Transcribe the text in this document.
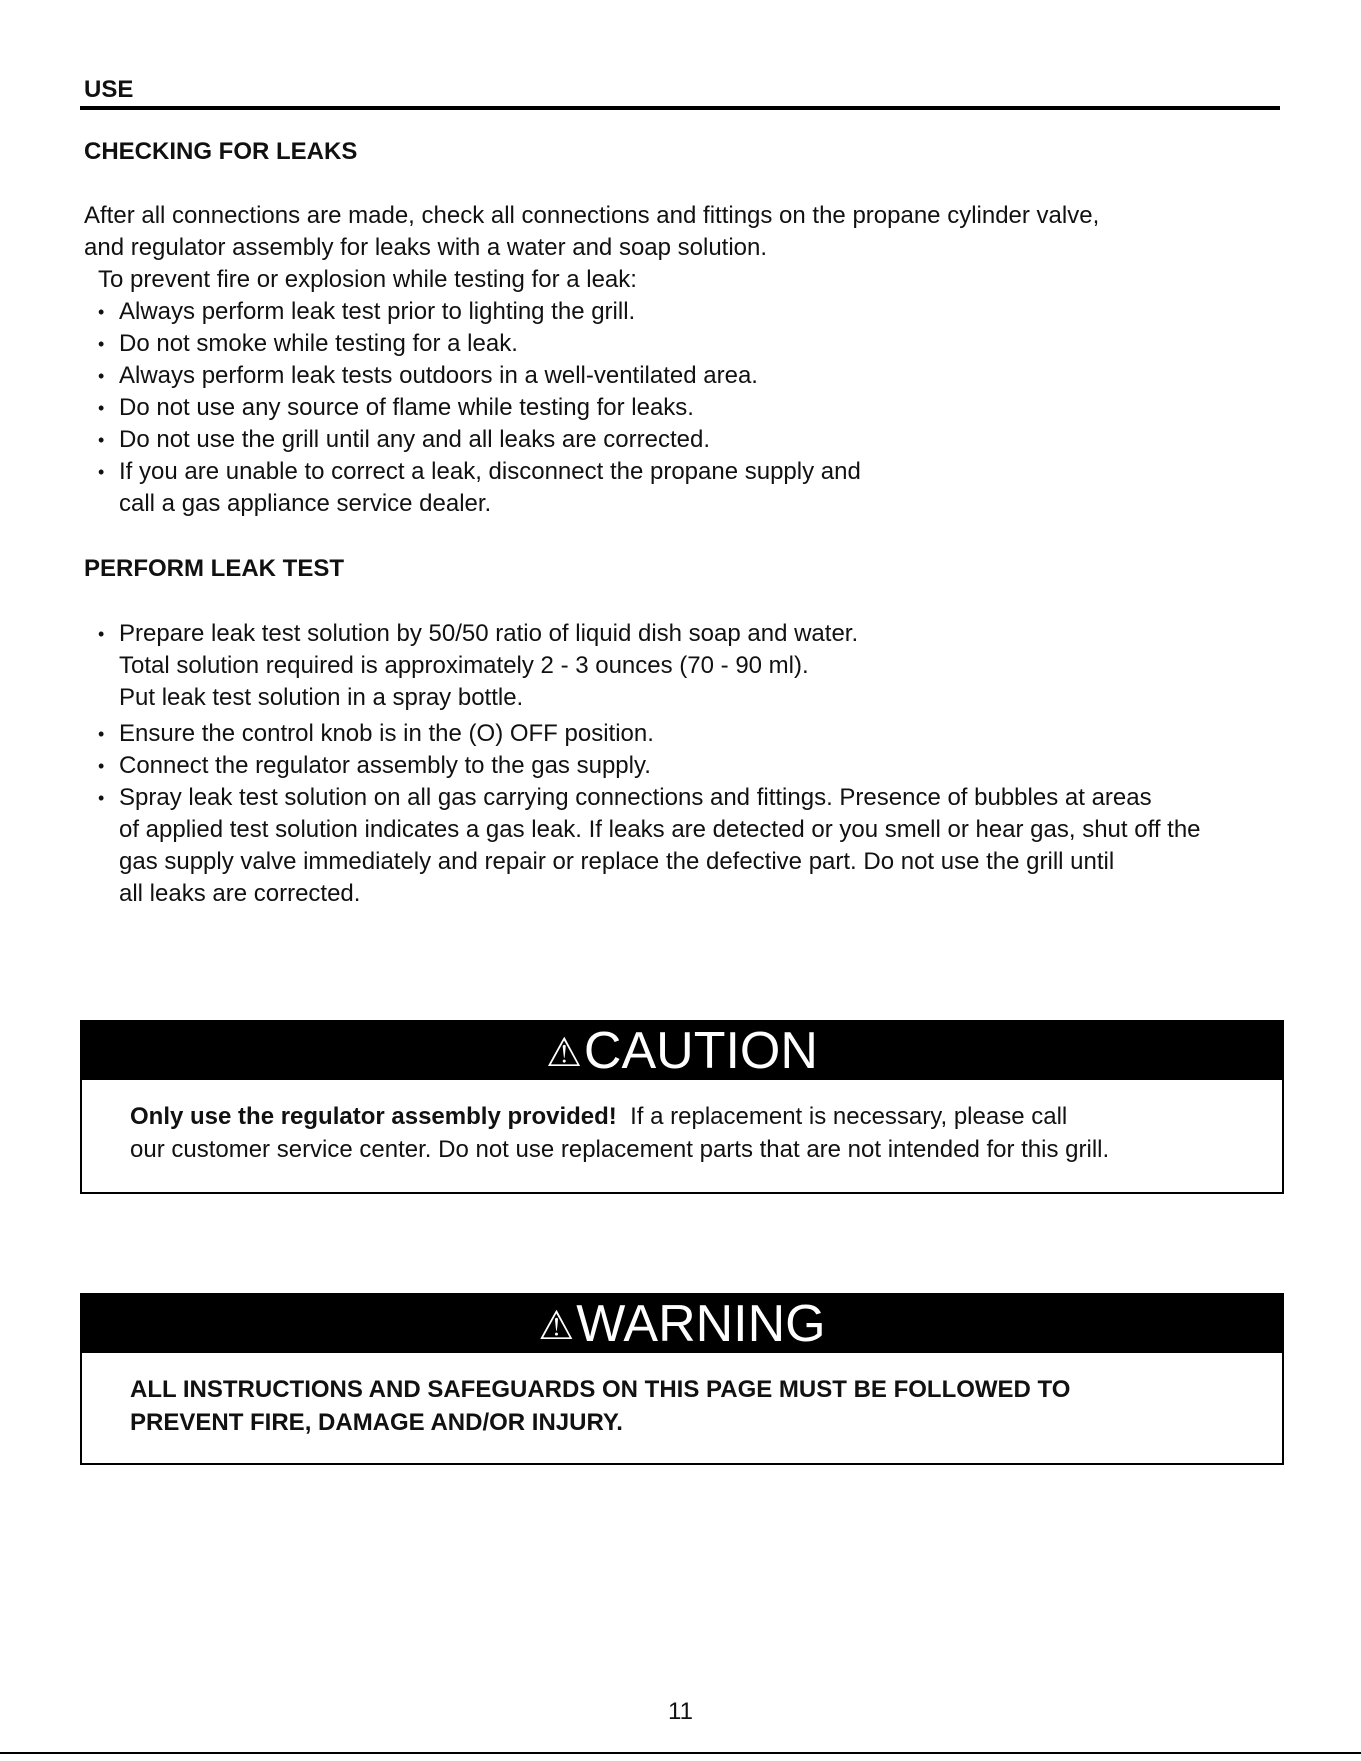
USE
CHECKING FOR LEAKS
After all connections are made, check all connections and fittings on the propane cylinder valve,
and regulator assembly for leaks with a water and soap solution.
To prevent fire or explosion while testing for a leak:
• Always perform leak test prior to lighting the grill.
• Do not smoke while testing for a leak.
• Always perform leak tests outdoors in a well-ventilated area.
• Do not use any source of flame while testing for leaks.
• Do not use the grill until any and all leaks are corrected.
• If you are unable to correct a leak, disconnect the propane supply and
call a gas appliance service dealer.
PERFORM LEAK TEST
• Prepare leak test solution by 50/50 ratio of liquid dish soap and water.
Total solution required is approximately 2 - 3 ounces (70 - 90 ml).
Put leak test solution in a spray bottle.
• Ensure the control knob is in the (O) OFF position.
• Connect the regulator assembly to the gas supply.
• Spray leak test solution on all gas carrying connections and fittings. Presence of bubbles at areas
of applied test solution indicates a gas leak. If leaks are detected or you smell or hear gas, shut off the
gas supply valve immediately and repair or replace the defective part. Do not use the grill until
all leaks are corrected.
⚠CAUTION
Only use the regulator assembly provided!  If a replacement is necessary, please call
our customer service center. Do not use replacement parts that are not intended for this grill.
⚠WARNING
ALL INSTRUCTIONS AND SAFEGUARDS ON THIS PAGE MUST BE FOLLOWED TO
PREVENT FIRE, DAMAGE AND/OR INJURY.
11
